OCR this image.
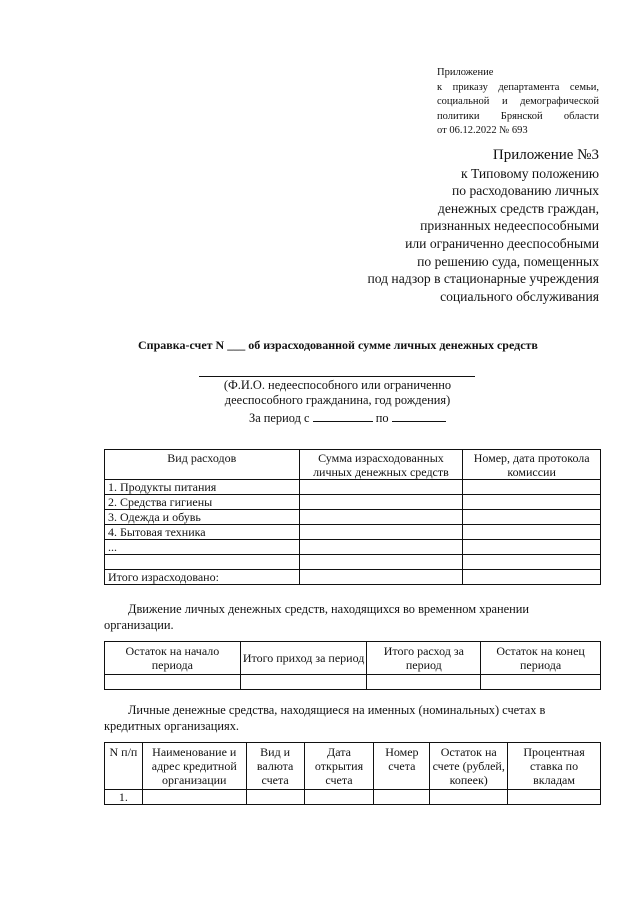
Приложение
к приказу департамента семьи,
социальной и демографической
политики Брянской области
от 06.12.2022 № 693
Приложение №3
к Типовому положению
по расходованию личных
денежных средств граждан,
признанных недееспособными
или ограниченно дееспособными
по решению суда, помещенных
под надзор в стационарные учреждения
социального обслуживания
Справка-счет N ___ об израсходованной сумме личных денежных средств
(Ф.И.О. недееспособного или ограниченно
дееспособного гражданина, год рождения)
За период с	по
Вид расходов	Сумма израсходованных личных денежных средств	Номер, дата протокола комиссии
1. Продукты питания		
2. Средства гигиены		
3. Одежда и обувь		
4. Бытовая техника		
...		

Итого израсходовано:		
Движение личных денежных средств, находящихся во временном хранении организации.
Остаток на начало периода	Итого приход за период	Итого расход за период	Остаток на конец периода

Личные денежные средства, находящиеся на именных (номинальных) счетах в кредитных организациях.
N п/п	Наименование и адрес кредитной организации	Вид и валюта счета	Дата открытия счета	Номер счета	Остаток на счете (рублей, копеек)	Процентная ставка по вкладам
1.						
